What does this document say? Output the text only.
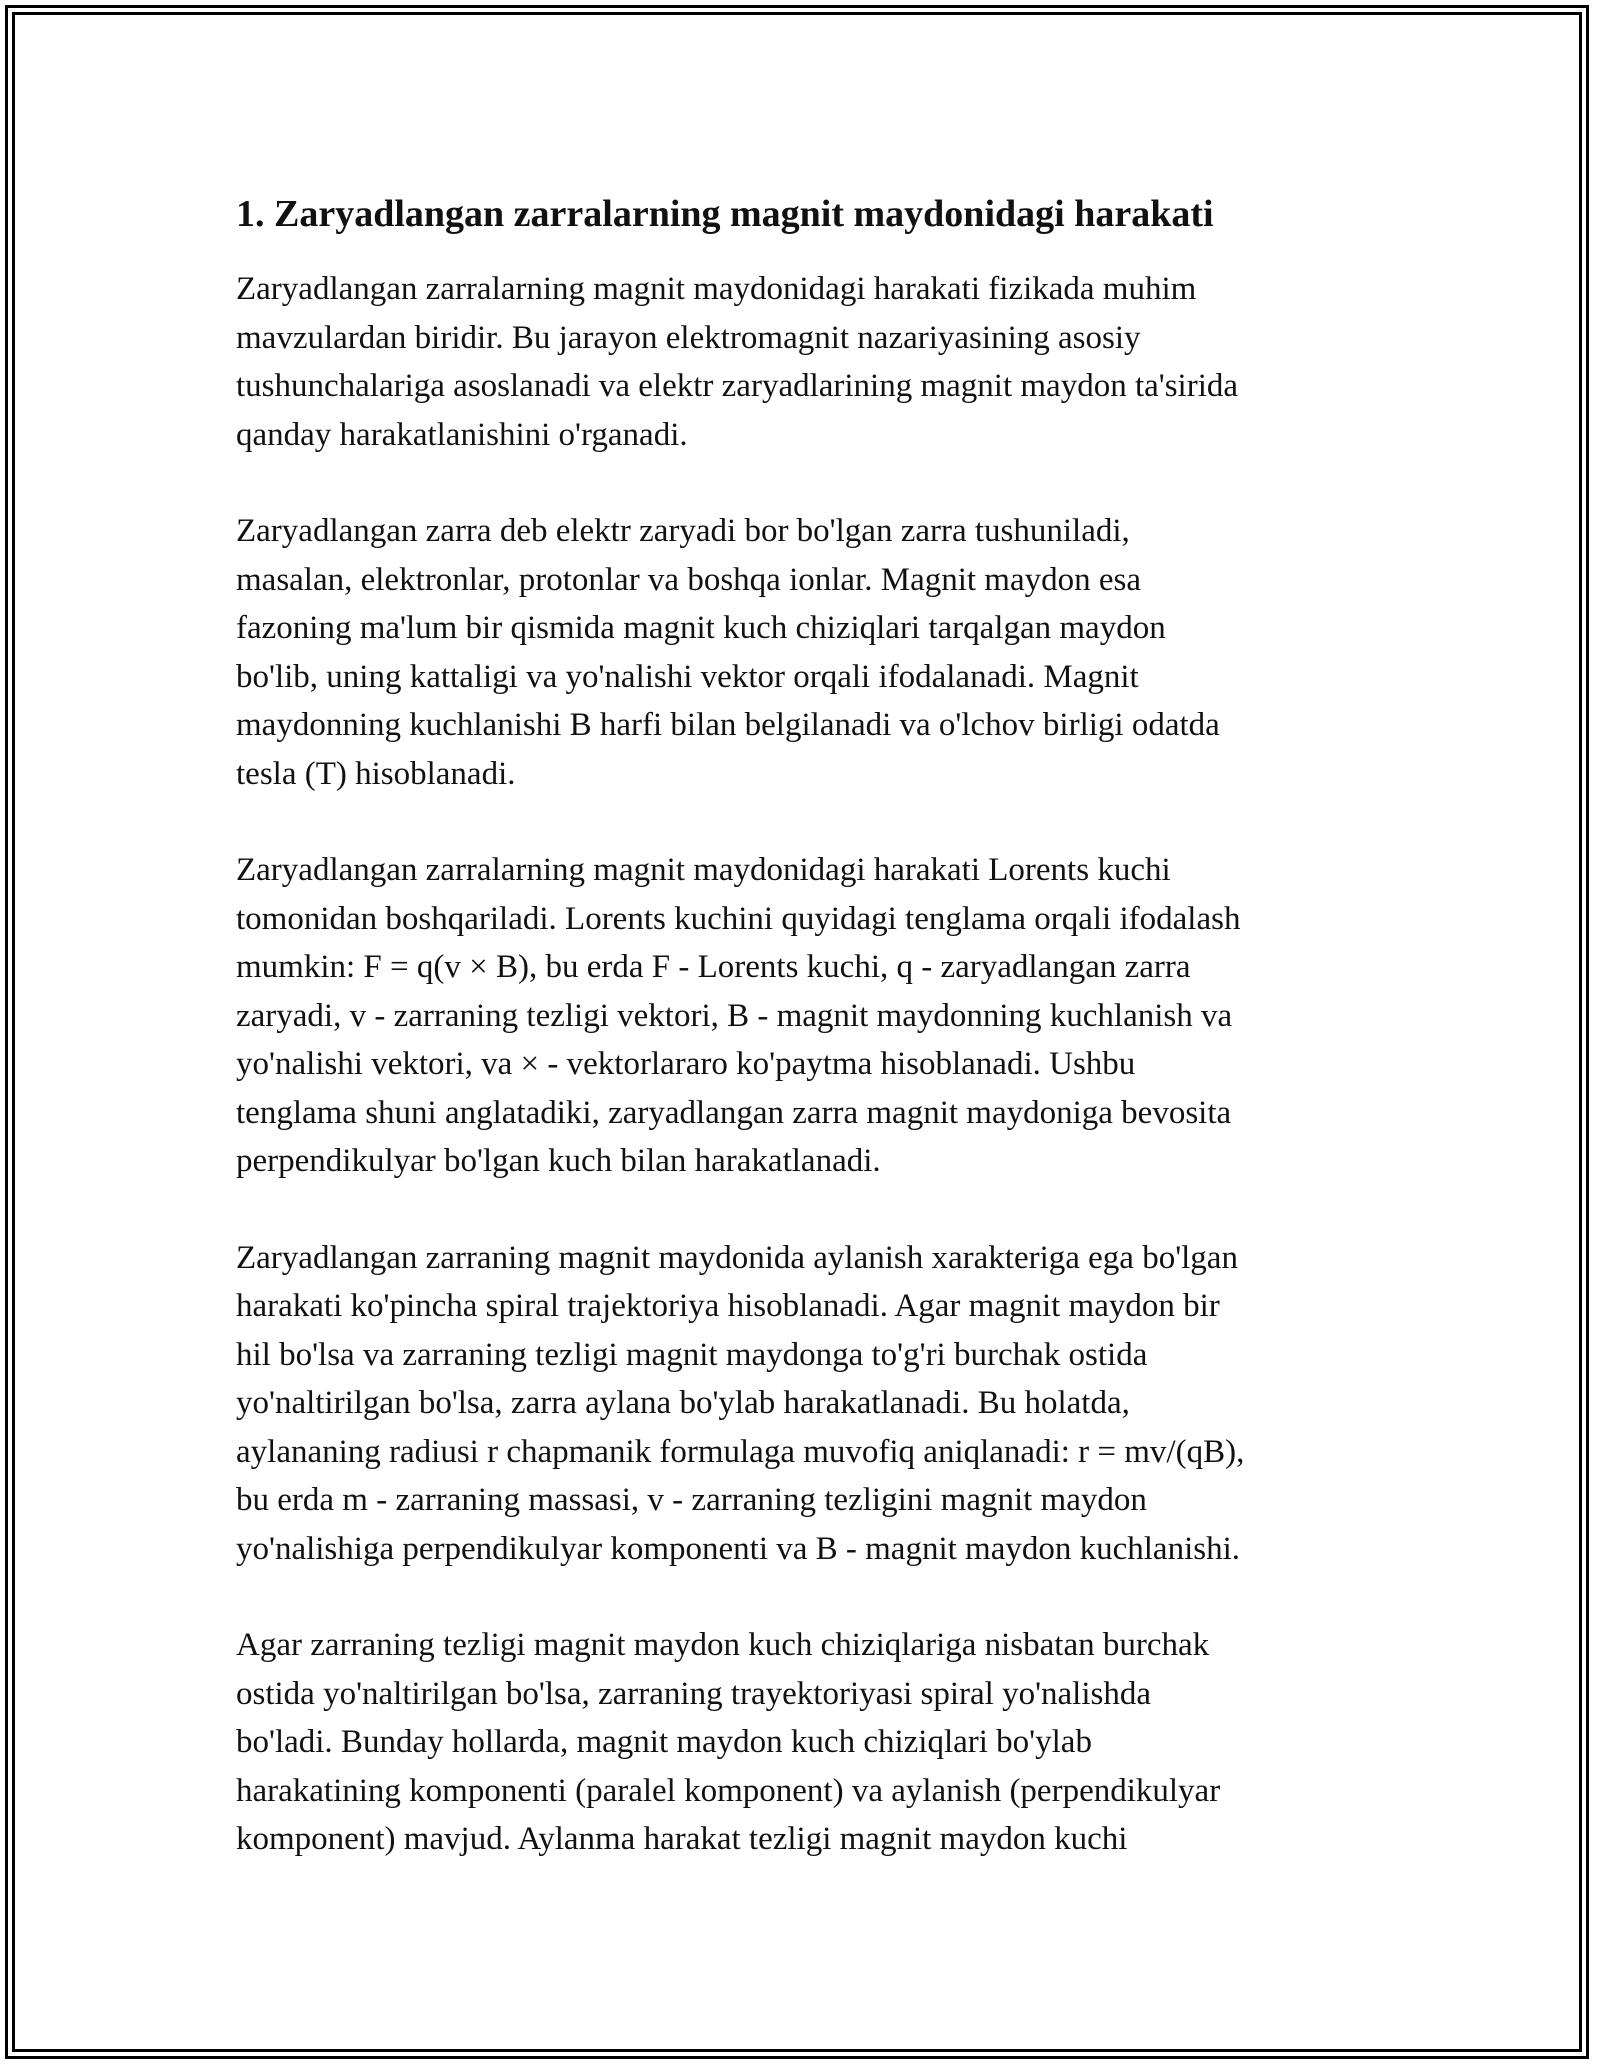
1. Zaryadlangan zarralarning magnit maydonidagi harakati

Zaryadlangan zarralarning magnit maydonidagi harakati fizikada muhim
mavzulardan biridir. Bu jarayon elektromagnit nazariyasining asosiy
tushunchalariga asoslanadi va elektr zaryadlarining magnit maydon ta'sirida
qanday harakatlanishini o'rganadi.

Zaryadlangan zarra deb elektr zaryadi bor bo'lgan zarra tushuniladi,
masalan, elektronlar, protonlar va boshqa ionlar. Magnit maydon esa
fazoning ma'lum bir qismida magnit kuch chiziqlari tarqalgan maydon
bo'lib, uning kattaligi va yo'nalishi vektor orqali ifodalanadi. Magnit
maydonning kuchlanishi B harfi bilan belgilanadi va o'lchov birligi odatda
tesla (T) hisoblanadi.

Zaryadlangan zarralarning magnit maydonidagi harakati Lorents kuchi
tomonidan boshqariladi. Lorents kuchini quyidagi tenglama orqali ifodalash
mumkin: F = q(v × B), bu erda F - Lorents kuchi, q - zaryadlangan zarra
zaryadi, v - zarraning tezligi vektori, B - magnit maydonning kuchlanish va
yo'nalishi vektori, va × - vektorlararo ko'paytma hisoblanadi. Ushbu
tenglama shuni anglatadiki, zaryadlangan zarra magnit maydoniga bevosita
perpendikulyar bo'lgan kuch bilan harakatlanadi.

Zaryadlangan zarraning magnit maydonida aylanish xarakteriga ega bo'lgan
harakati ko'pincha spiral trajektoriya hisoblanadi. Agar magnit maydon bir
hil bo'lsa va zarraning tezligi magnit maydonga to'g'ri burchak ostida
yo'naltirilgan bo'lsa, zarra aylana bo'ylab harakatlanadi. Bu holatda,
aylananing radiusi r chapmanik formulaga muvofiq aniqlanadi: r = mv/(qB),
bu erda m - zarraning massasi, v - zarraning tezligini magnit maydon
yo'nalishiga perpendikulyar komponenti va B - magnit maydon kuchlanishi.

Agar zarraning tezligi magnit maydon kuch chiziqlariga nisbatan burchak
ostida yo'naltirilgan bo'lsa, zarraning trayektoriyasi spiral yo'nalishda
bo'ladi. Bunday hollarda, magnit maydon kuch chiziqlari bo'ylab
harakatining komponenti (paralel komponent) va aylanish (perpendikulyar
komponent) mavjud. Aylanma harakat tezligi magnit maydon kuchi
